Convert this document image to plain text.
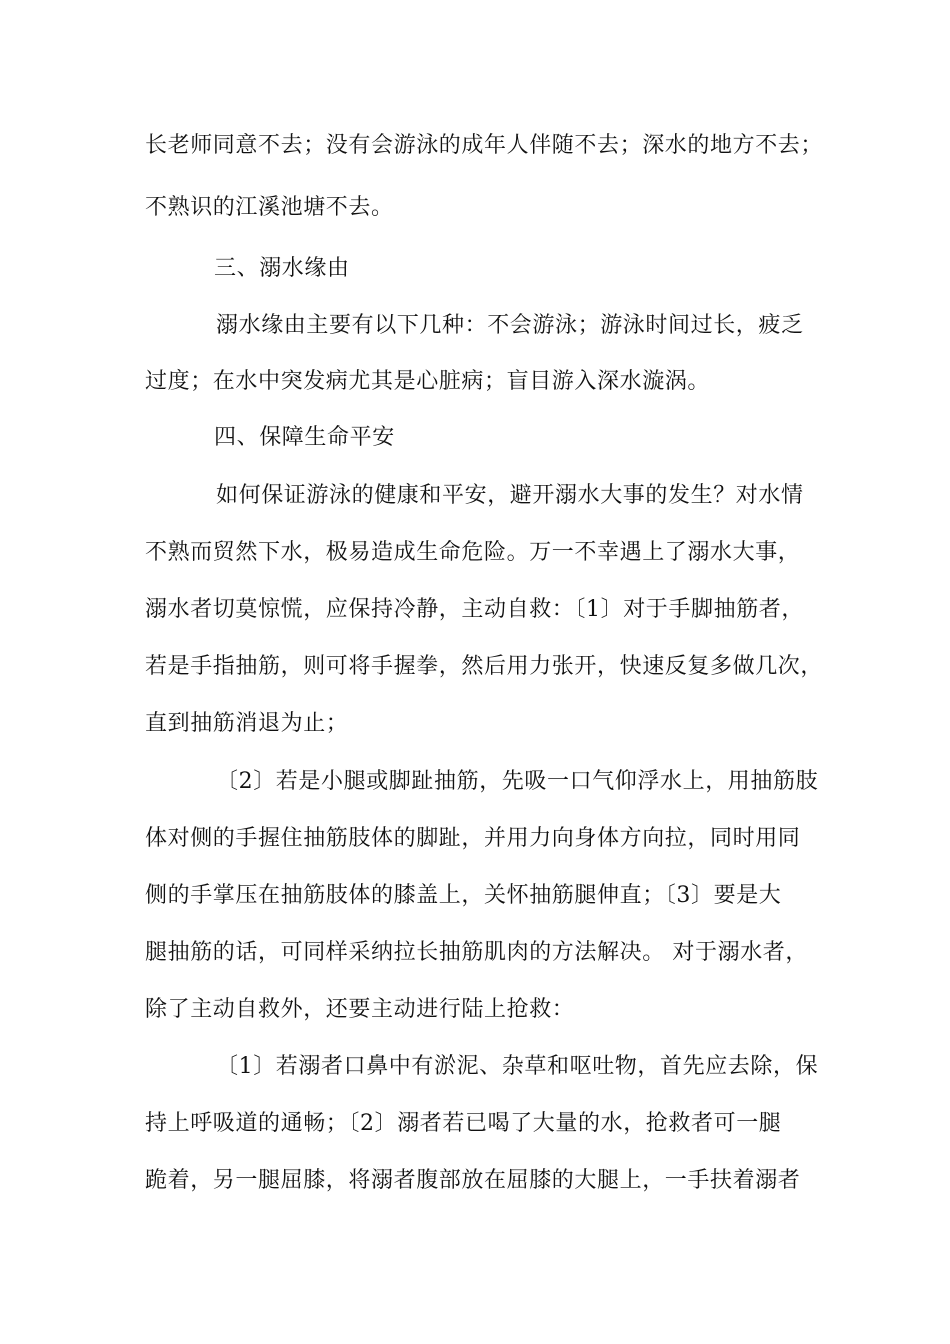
长老师同意不去；没有会游泳的成年人伴随不去；深水的地方不去；
不熟识的江溪池塘不去。
三、溺水缘由
溺水缘由主要有以下几种：不会游泳；游泳时间过长，疲乏
过度；在水中突发病尤其是心脏病；盲目游入深水漩涡。
四、保障生命平安
如何保证游泳的健康和平安，避开溺水大事的发生？对水情
不熟而贸然下水，极易造成生命危险。万一不幸遇上了溺水大事，
溺水者切莫惊慌，应保持冷静，主动自救：〔1〕对于手脚抽筋者，
若是手指抽筋，则可将手握拳，然后用力张开，快速反复多做几次，
直到抽筋消退为止；
〔2〕若是小腿或脚趾抽筋，先吸一口气仰浮水上，用抽筋肢
体对侧的手握住抽筋肢体的脚趾，并用力向身体方向拉，同时用同
侧的手掌压在抽筋肢体的膝盖上，关怀抽筋腿伸直；〔3〕要是大
腿抽筋的话，可同样采纳拉长抽筋肌肉的方法解决。 对于溺水者，
除了主动自救外，还要主动进行陆上抢救：
〔1〕若溺者口鼻中有淤泥、杂草和呕吐物，首先应去除，保
持上呼吸道的通畅；〔2〕溺者若已喝了大量的水，抢救者可一腿
跪着，另一腿屈膝，将溺者腹部放在屈膝的大腿上，一手扶着溺者
